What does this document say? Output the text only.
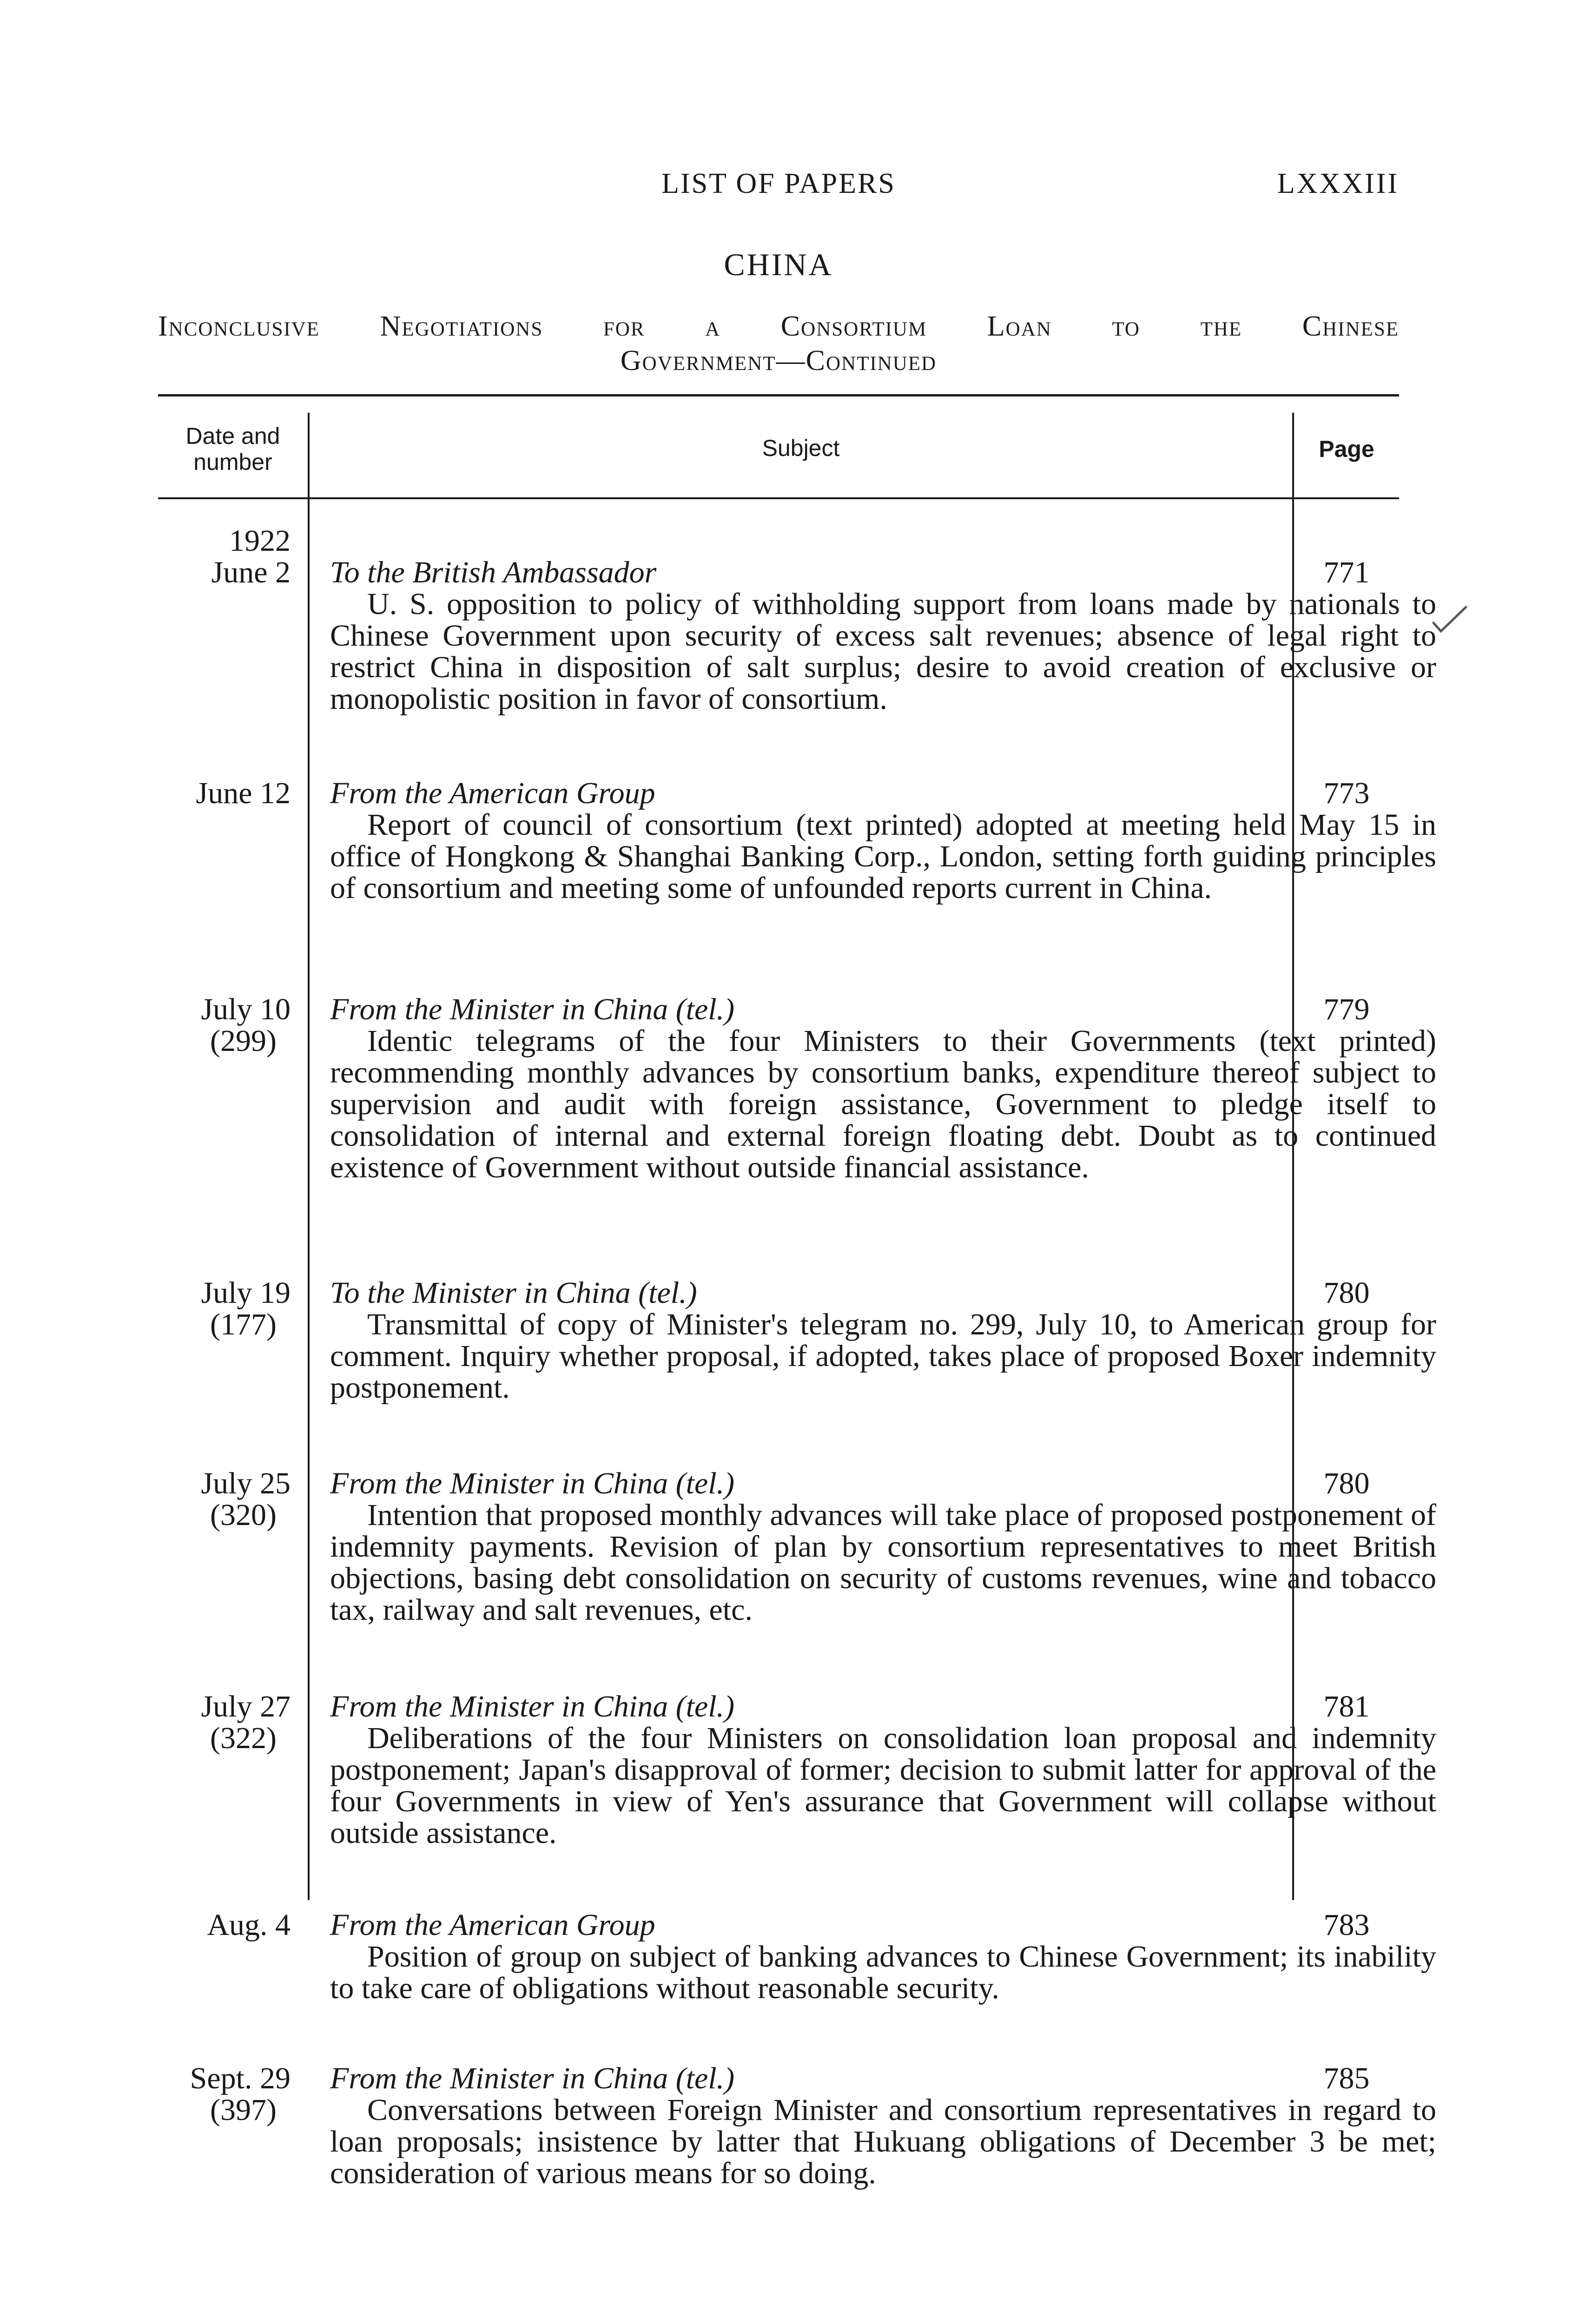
LIST OF PAPERS	LXXXIII
CHINA
Inconclusive Negotiations for a Consortium Loan to the Chinese
Government—Continued
Date and number
Subject	Page
1922
June 2 To the British Ambassador
U. S. opposition to policy of withholding support from loans made by nationals to Chinese Government upon security of excess salt revenues; absence of legal right to restrict China in disposition of salt surplus; desire to avoid creation of exclusive or monopolistic position in favor of consortium.
771
June 12 From the American Group
Report of council of consortium (text printed) adopted at meeting held May 15 in office of Hongkong & Shanghai Banking Corp., London, setting forth guiding principles of consortium and meeting some of unfounded reports current in China.
773
July 10
(299)
From the Minister in China (tel.)
Identic telegrams of the four Ministers to their Governments (text printed) recommending monthly advances by consortium banks, expenditure thereof subject to supervision and audit with foreign assistance, Government to pledge itself to consolidation of internal and external foreign floating debt. Doubt as to continued existence of Government without outside financial assistance.
779
July 19
(177)
To the Minister in China (tel.)
Transmittal of copy of Minister's telegram no. 299, July 10, to American group for comment. Inquiry whether proposal, if adopted, takes place of proposed Boxer indemnity postponement.
780
July 25
(320)
From the Minister in China (tel.)
Intention that proposed monthly advances will take place of proposed postponement of indemnity payments. Revision of plan by consortium representatives to meet British objections, basing debt consolidation on security of customs revenues, wine and tobacco tax, railway and salt revenues, etc.
780
July 27
(322)
From the Minister in China (tel.)
Deliberations of the four Ministers on consolidation loan proposal and indemnity postponement; Japan's disapproval of former; decision to submit latter for approval of the four Governments in view of Yen's assurance that Government will collapse without outside assistance.
781
Aug. 4 From the American Group
Position of group on subject of banking advances to Chinese Government; its inability to take care of obligations without reasonable security.
783
Sept. 29
(397)
From the Minister in China (tel.)
Conversations between Foreign Minister and consortium representatives in regard to loan proposals; insistence by latter that Hukuang obligations of December 3 be met; consideration of various means for so doing.
785
